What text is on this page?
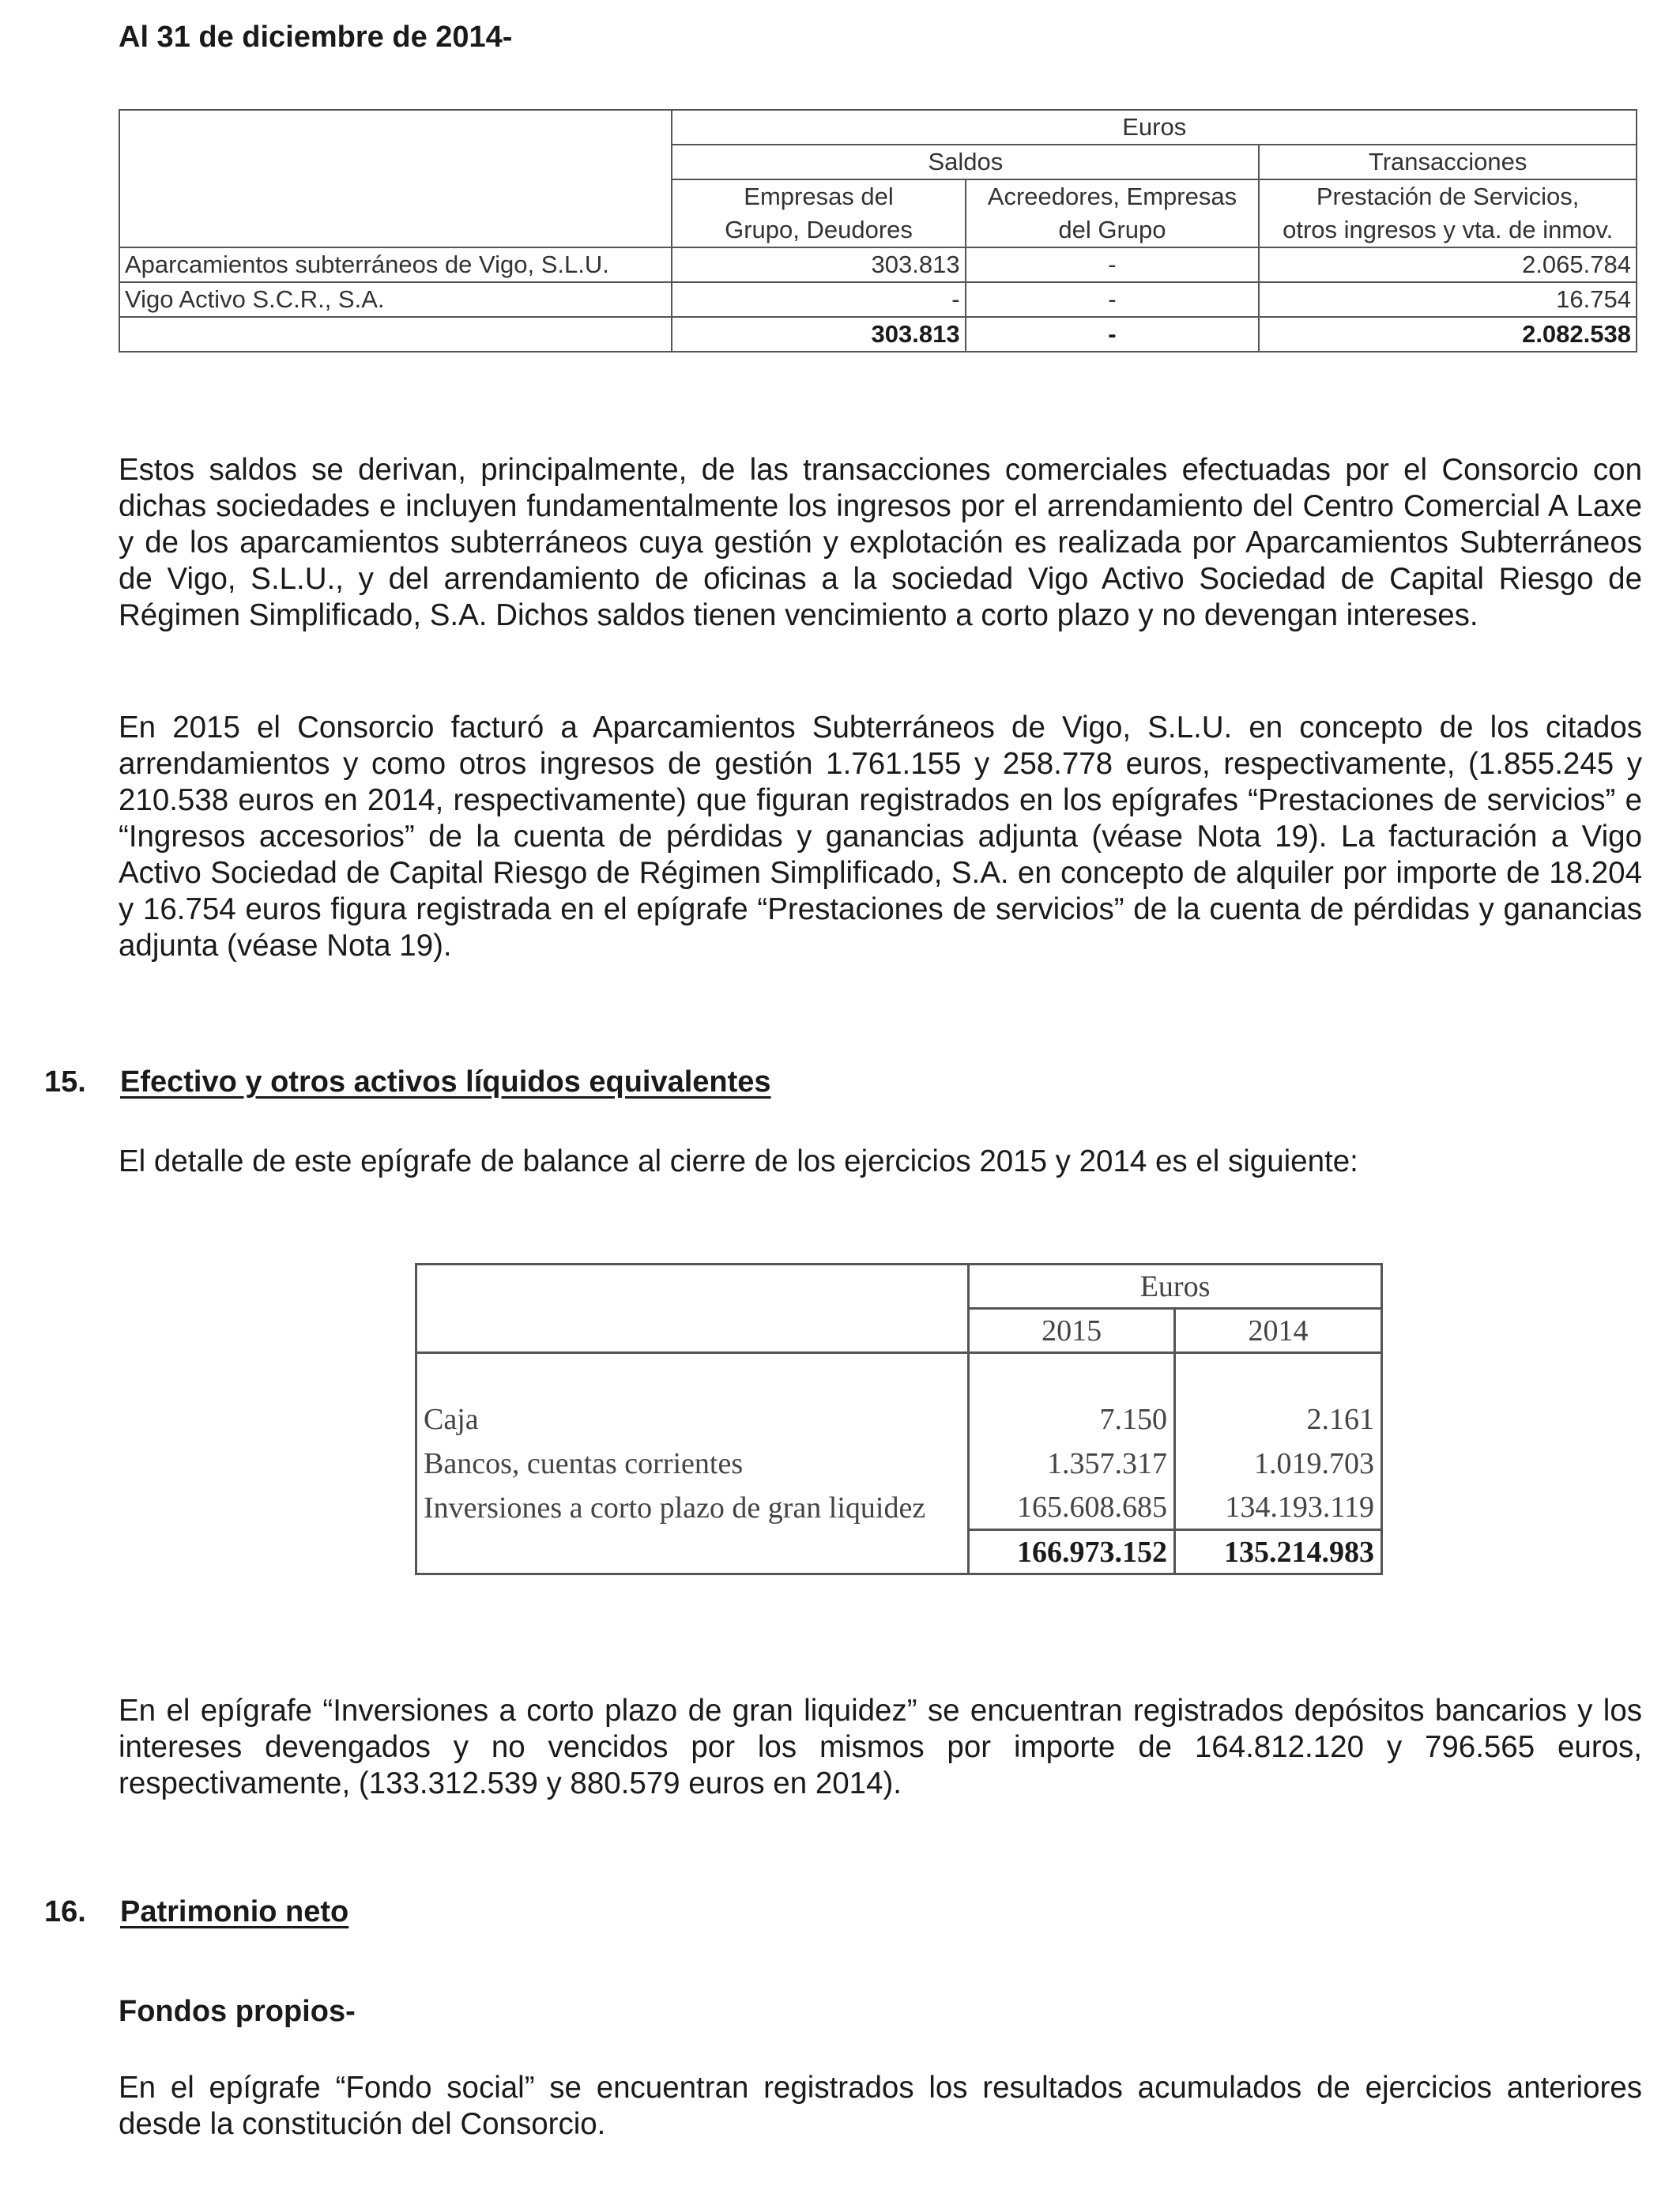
Al 31 de diciembre de 2014-
	Euros		
	Saldos		Transacciones
	Empresas del	Acreedores, Empresas	Prestación de Servicios,
	Grupo, Deudores	del Grupo	otros ingresos y vta. de inmov.
Aparcamientos subterráneos de Vigo, S.L.U.	303.813	-	2.065.784
Vigo Activo S.C.R., S.A.	-	-	16.754
	303.813	-	2.082.538
Estos saldos se derivan, principalmente, de las transacciones comerciales efectuadas por el Consorcio con dichas sociedades e incluyen fundamentalmente los ingresos por el arrendamiento del Centro Comercial A Laxe y de los aparcamientos subterráneos cuya gestión y explotación es realizada por Aparcamientos Subterráneos de Vigo, S.L.U., y del arrendamiento de oficinas a la sociedad Vigo Activo Sociedad de Capital Riesgo de Régimen Simplificado, S.A. Dichos saldos tienen vencimiento a corto plazo y no devengan intereses.
En 2015 el Consorcio facturó a Aparcamientos Subterráneos de Vigo, S.L.U. en concepto de los citados arrendamientos y como otros ingresos de gestión 1.761.155 y 258.778 euros, respectivamente, (1.855.245 y 210.538 euros en 2014, respectivamente) que figuran registrados en los epígrafes “Prestaciones de servicios” e “Ingresos accesorios” de la cuenta de pérdidas y ganancias adjunta (véase Nota 19). La facturación a Vigo Activo Sociedad de Capital Riesgo de Régimen Simplificado, S.A. en concepto de alquiler por importe de 18.204 y 16.754 euros figura registrada en el epígrafe “Prestaciones de servicios” de la cuenta de pérdidas y ganancias adjunta (véase Nota 19).
15. Efectivo y otros activos líquidos equivalentes
El detalle de este epígrafe de balance al cierre de los ejercicios 2015 y 2014 es el siguiente:
	Euros	
	2015	2014

Caja	7.150	2.161
Bancos, cuentas corrientes	1.357.317	1.019.703
Inversiones a corto plazo de gran liquidez	165.608.685	134.193.119
	166.973.152	135.214.983
En el epígrafe “Inversiones a corto plazo de gran liquidez” se encuentran registrados depósitos bancarios y los intereses devengados y no vencidos por los mismos por importe de 164.812.120 y 796.565 euros, respectivamente, (133.312.539 y 880.579 euros en 2014).
16. Patrimonio neto
Fondos propios-
En el epígrafe “Fondo social” se encuentran registrados los resultados acumulados de ejercicios anteriores desde la constitución del Consorcio.
